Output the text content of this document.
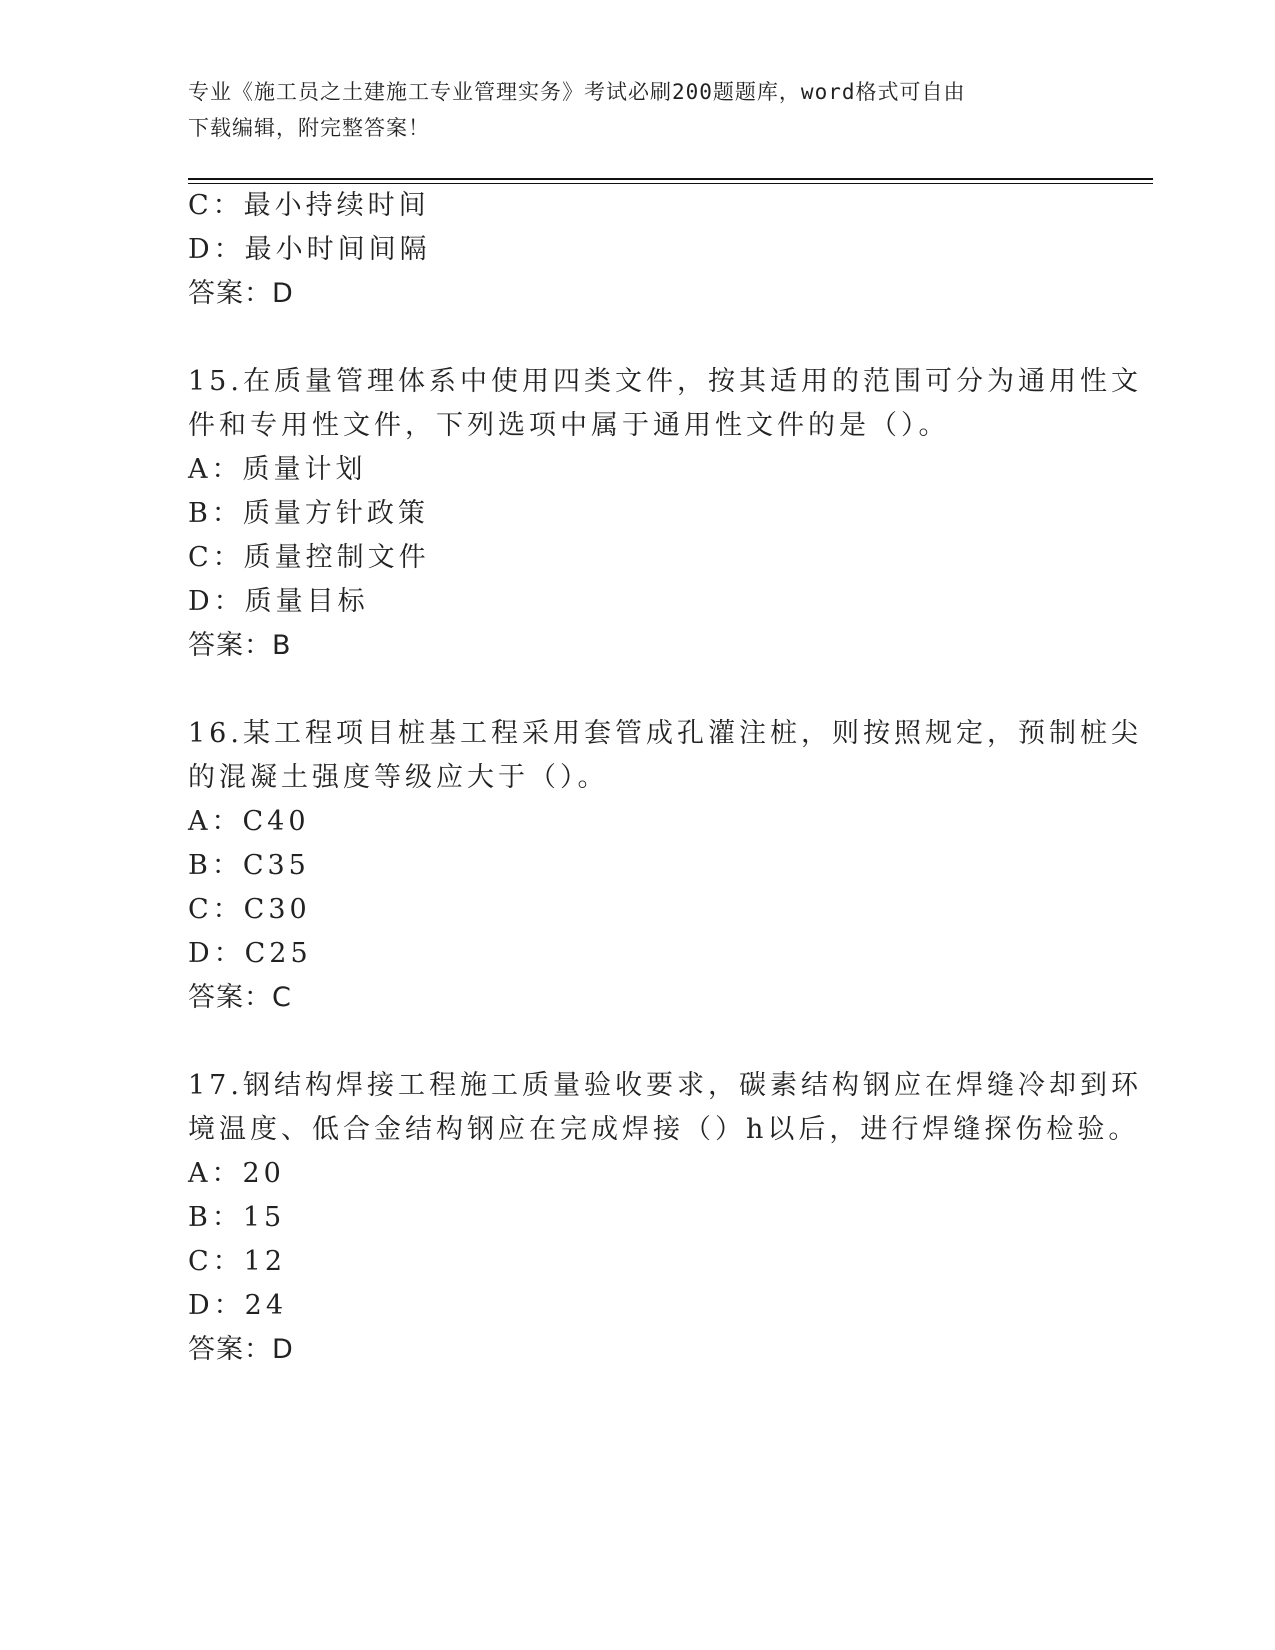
专业《施工员之土建施工专业管理实务》考试必刷200题题库，word格式可自由
下载编辑，附完整答案！
C：最小持续时间
D：最小时间间隔
答案：D
15.在质量管理体系中使用四类文件，按其适用的范围可分为通用性文
件和专用性文件，下列选项中属于通用性文件的是（）。
A：质量计划
B：质量方针政策
C：质量控制文件
D：质量目标
答案：B
16.某工程项目桩基工程采用套管成孔灌注桩，则按照规定，预制桩尖
的混凝土强度等级应大于（）。
A：C40
B：C35
C：C30
D：C25
答案：C
17.钢结构焊接工程施工质量验收要求，碳素结构钢应在焊缝冷却到环
境温度、低合金结构钢应在完成焊接（）h以后，进行焊缝探伤检验。
A：20
B：15
C：12
D：24
答案：D
